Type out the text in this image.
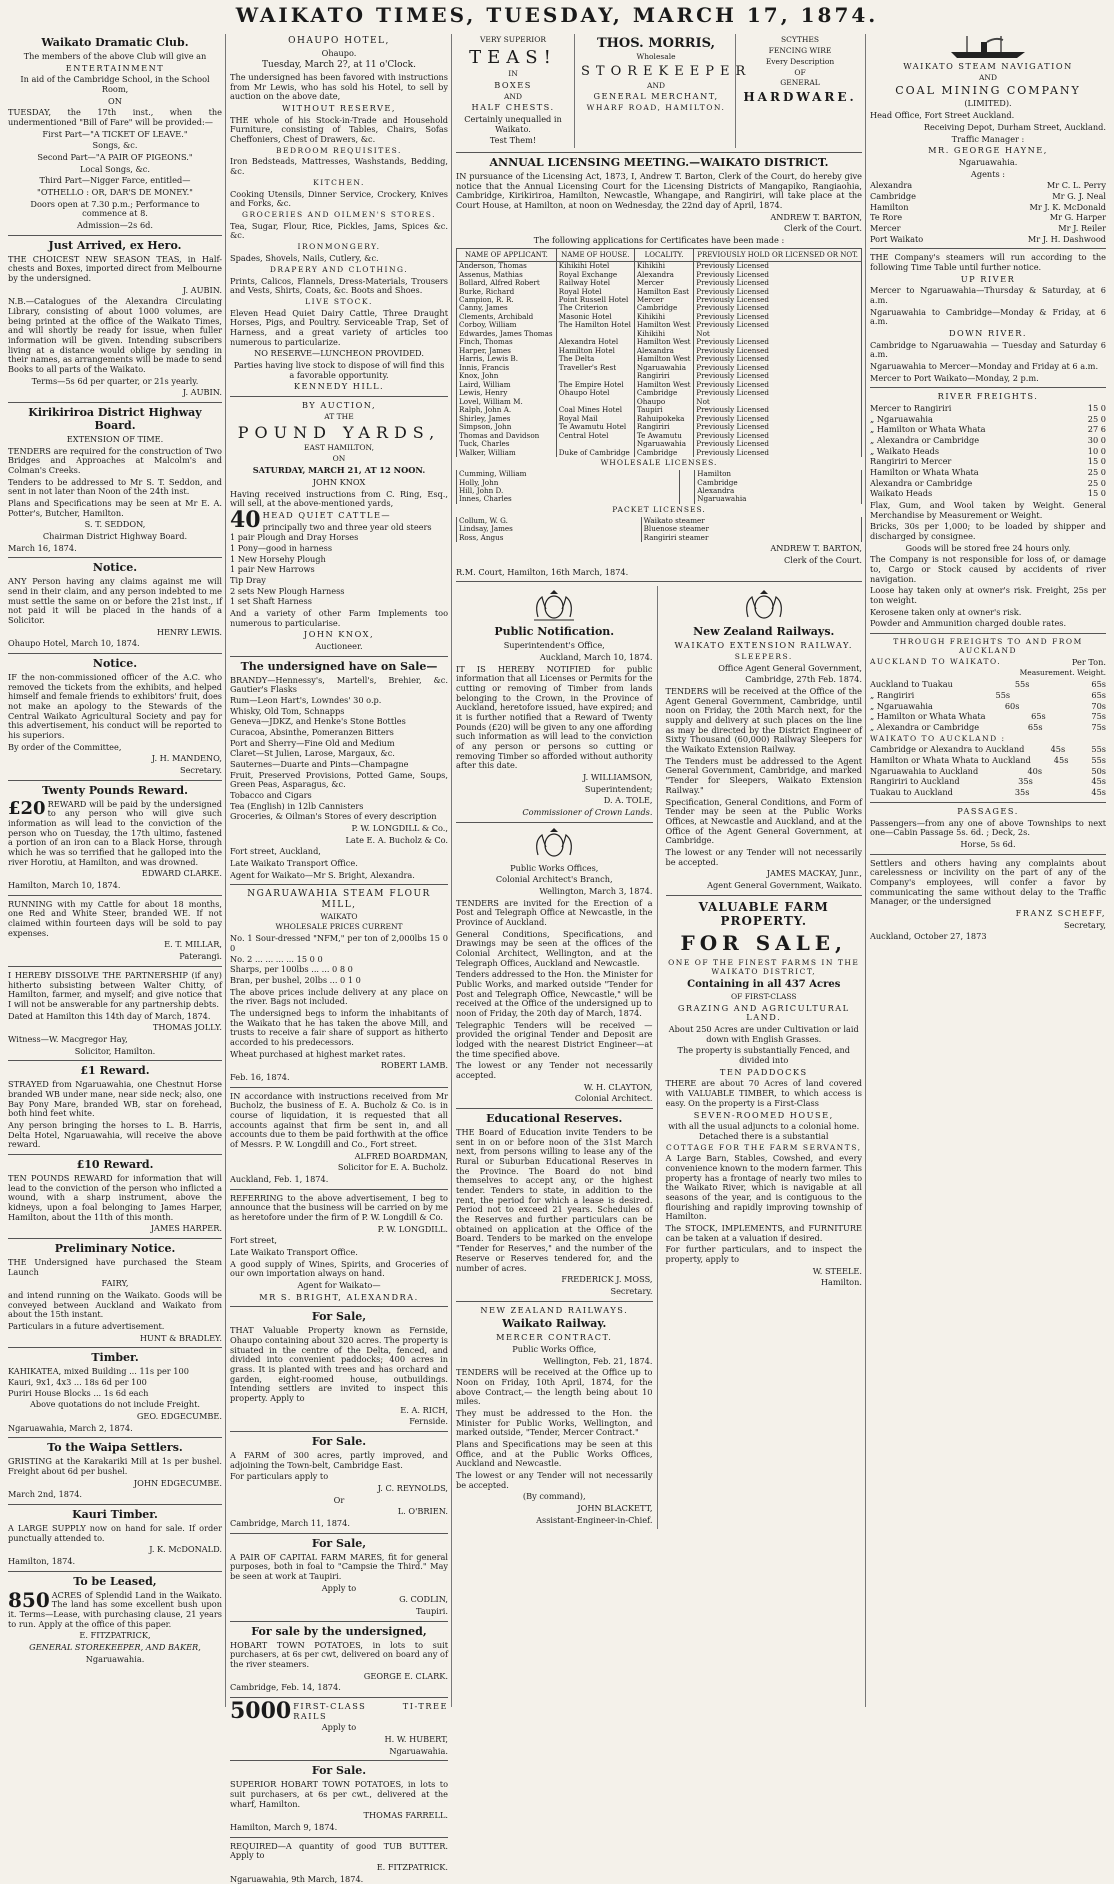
WAIKATO TIMES, TUESDAY, MARCH 17, 1874.
Waikato Dramatic Club.

The members of the above Club will give an

ENTERTAINMENT

In aid of the Cambridge School, in the School Room,

ON

TUESDAY, the 17th inst., when the undermentioned "Bill of Fare" will be provided:—

First Part—"A TICKET OF LEAVE."

Songs, &c.

Second Part—"A PAIR OF PIGEONS."

Local Songs, &c.

Third Part—Nigger Farce, entitled—

"OTHELLO : OR, DAR'S DE MONEY."

Doors open at 7.30 p.m.; Performance to commence at 8.

Admission—2s 6d.

Just Arrived, ex Hero.

THE CHOICEST NEW SEASON TEAS, in Half-chests and Boxes, imported direct from Melbourne by the undersigned.

J. AUBIN.

N.B.—Catalogues of the Alexandra Circulating Library, consisting of about 1000 volumes, are being printed at the office of the Waikato Times, and will shortly be ready for issue, when fuller information will be given. Intending subscribers living at a distance would oblige by sending in their names, as arrangements will be made to send Books to all parts of the Waikato.

Terms—5s 6d per quarter, or 21s yearly.

J. AUBIN.

Kirikiriroa District Highway Board.

EXTENSION OF TIME.

TENDERS are required for the construction of Two Bridges and Approaches at Malcolm's and Colman's Creeks.

Tenders to be addressed to Mr S. T. Seddon, and sent in not later than Noon of the 24th inst.

Plans and Specifications may be seen at Mr E. A. Potter's, Butcher, Hamilton.

S. T. SEDDON,

Chairman District Highway Board.

March 16, 1874.

Notice.

ANY Person having any claims against me will send in their claim, and any person indebted to me must settle the same on or before the 21st inst., if not paid it will be placed in the hands of a Solicitor.

HENRY LEWIS.

Ohaupo Hotel, March 10, 1874.

Notice.

IF the non-commissioned officer of the A.C. who removed the tickets from the exhibits, and helped himself and female friends to exhibitors' fruit, does not make an apology to the Stewards of the Central Waikato Agricultural Society and pay for this advertisement, his conduct will be reported to his superiors.

By order of the Committee,

J. H. MANDENO,

Secretary.

Twenty Pounds Reward.

£20 REWARD will be paid by the undersigned to any person who will give such information as will lead to the conviction of the person who on Tuesday, the 17th ultimo, fastened a portion of an iron can to a Black Horse, through which he was so terrified that he galloped into the river Horotiu, at Hamilton, and was drowned.

EDWARD CLARKE.

Hamilton, March 10, 1874.

RUNNING with my Cattle for about 18 months, one Red and White Steer, branded WE. If not claimed within fourteen days will be sold to pay expenses.

E. T. MILLAR,

Paterangi.

I HEREBY DISSOLVE THE PARTNERSHIP (if any) hitherto subsisting between Walter Chitty, of Hamilton, farmer, and myself; and give notice that I will not be answerable for any partnership debts.

Dated at Hamilton this 14th day of March, 1874.

THOMAS JOLLY.

Witness—W. Macgregor Hay,

Solicitor, Hamilton.

£1 Reward.

STRAYED from Ngaruawahia, one Chestnut Horse branded WB under mane, near side neck; also, one Bay Pony Mare, branded WB, star on forehead, both hind feet white.

Any person bringing the horses to L. B. Harris, Delta Hotel, Ngaruawahia, will receive the above reward.

£10 Reward.

TEN POUNDS REWARD for information that will lead to the conviction of the person who inflicted a wound, with a sharp instrument, above the kidneys, upon a foal belonging to James Harper, Hamilton, about the 11th of this month.

JAMES HARPER.

Preliminary Notice.

THE Undersigned have purchased the Steam Launch

FAIRY,

and intend running on the Waikato. Goods will be conveyed between Auckland and Waikato from about the 15th instant.

Particulars in a future advertisement.

HUNT & BRADLEY.

Timber.

KAHIKATEA, mixed Building ... 11s per 100

Kauri, 9x1, 4x3 ... 18s 6d per 100

Puriri House Blocks ... 1s 6d each

Above quotations do not include Freight.

GEO. EDGECUMBE.

Ngaruawahia, March 2, 1874.

To the Waipa Settlers.

GRISTING at the Karakariki Mill at 1s per bushel. Freight about 6d per bushel.

JOHN EDGECUMBE.

March 2nd, 1874.

Kauri Timber.

A LARGE SUPPLY now on hand for sale. If order punctually attended to.

J. K. McDONALD.

Hamilton, 1874.

To be Leased,

850 ACRES of Splendid Land in the Waikato. The land has some excellent bush upon it. Terms—Lease, with purchasing clause, 21 years to run. Apply at the office of this paper.

E. FITZPATRICK,

GENERAL STOREKEEPER, AND BAKER,

Ngaruawahia.

OHAUPO HOTEL,

Ohaupo.

Tuesday, March 2?, at 11 o'Clock.

The undersigned has been favored with instructions from Mr Lewis, who has sold his Hotel, to sell by auction on the above date,

WITHOUT RESERVE,

THE whole of his Stock-in-Trade and Household Furniture, consisting of Tables, Chairs, Sofas Cheffoniers, Chest of Drawers, &c.

BEDROOM REQUISITES.

Iron Bedsteads, Mattresses, Washstands, Bedding, &c.

KITCHEN.

Cooking Utensils, Dinner Service, Crockery, Knives and Forks, &c.

GROCERIES AND OILMEN'S STORES.

Tea, Sugar, Flour, Rice, Pickles, Jams, Spices &c. &c.

IRONMONGERY.

Spades, Shovels, Nails, Cutlery, &c.

DRAPERY AND CLOTHING.

Prints, Calicos, Flannels, Dress-Materials, Trousers and Vests, Shirts, Coats, &c. Boots and Shoes.

LIVE STOCK.

Eleven Head Quiet Dairy Cattle, Three Draught Horses, Pigs, and Poultry. Serviceable Trap, Set of Harness, and a great variety of articles too numerous to particularize.

NO RESERVE—LUNCHEON PROVIDED.

Parties having live stock to dispose of will find this a favorable opportunity.

KENNEDY HILL.

BY AUCTION,

AT THE

POUND YARDS,

EAST HAMILTON,

ON

SATURDAY, MARCH 21, AT 12 NOON.

JOHN KNOX

Having received instructions from C. Ring, Esq., will sell, at the above-mentioned yards,

40 HEAD QUIET CATTLE—

principally two and three year old steers

1 pair Plough and Dray Horses

1 Pony—good in harness

1 New Horsehy Plough

1 pair New Harrows

Tip Dray

2 sets New Plough Harness

1 set Shaft Harness

And a variety of other Farm Implements too numerous to particularise.

JOHN KNOX,

Auctioneer.

The undersigned have on Sale—

BRANDY—Hennessy's, Martell's, Brehier, &c. Gautier's Flasks

Rum—Leon Hart's, Lowndes' 30 o.p.

Whisky, Old Tom, Schnapps

Geneva—JDKZ, and Henke's Stone Bottles

Curacoa, Absinthe, Pomeranzen Bitters

Port and Sherry—Fine Old and Medium

Claret—St Julien, Larose, Margaux, &c.

Sauternes—Duarte and Pints—Champagne

Fruit, Preserved Provisions, Potted Game, Soups, Green Peas, Asparagus, &c.

Tobacco and Cigars

Tea (English) in 12lb Cannisters

Groceries, & Oilman's Stores of every description

P. W. LONGDILL & Co.,

Late E. A. Bucholz & Co.

Fort street, Auckland,

Late Waikato Transport Office.

Agent for Waikato—Mr S. Bright, Alexandra.

NGARUAWAHIA STEAM FLOUR MILL,

WAIKATO

WHOLESALE PRICES CURRENT

No. 1 Sour-dressed "NFM," per ton of 2,000lbs 15 0 0

No. 2 ... ... ... ... 15 0 0

Sharps, per 100lbs ... ... 0 8 0

Bran, per bushel, 20lbs ... 0 1 0

The above prices include delivery at any place on the river. Bags not included.

The undersigned begs to inform the inhabitants of the Waikato that he has taken the above Mill, and trusts to receive a fair share of support as hitherto accorded to his predecessors.

Wheat purchased at highest market rates.

ROBERT LAMB.

Feb. 16, 1874.

IN accordance with instructions received from Mr Bucholz, the business of E. A. Bucholz & Co. is in course of liquidation, it is requested that all accounts against that firm be sent in, and all accounts due to them be paid forthwith at the office of Messrs. P. W. Longdill and Co., Fort street.

ALFRED BOARDMAN,

Solicitor for E. A. Bucholz.

Auckland, Feb. 1, 1874.

REFERRING to the above advertisement, I beg to announce that the business will be carried on by me as heretofore under the firm of P. W. Longdill & Co.

P. W. LONGDILL.

Fort street,

Late Waikato Transport Office.

A good supply of Wines, Spirits, and Groceries of our own importation always on hand.

Agent for Waikato—

MR S. BRIGHT, ALEXANDRA.

For Sale,

THAT Valuable Property known as Fernside, Ohaupo containing about 320 acres. The property is situated in the centre of the Delta, fenced, and divided into convenient paddocks; 400 acres in grass. It is planted with trees and has orchard and garden, eight-roomed house, outbuildings. Intending settlers are invited to inspect this property. Apply to

E. A. RICH,

Fernside.

For Sale.

A FARM of 300 acres, partly improved, and adjoining the Town-belt, Cambridge East.

For particulars apply to

J. C. REYNOLDS,

Or

L. O'BRIEN.

Cambridge, March 11, 1874.

For Sale,

A PAIR OF CAPITAL FARM MARES, fit for general purposes, both in foal to "Campsie the Third." May be seen at work at Taupiri.

Apply to

G. CODLIN,

Taupiri.

For sale by the undersigned,

HOBART TOWN POTATOES, in lots to suit purchasers, at 6s per cwt, delivered on board any of the river steamers.

GEORGE E. CLARK.

Cambridge, Feb. 14, 1874.

5000 FIRST-CLASS TI-TREE RAILS

Apply to

H. W. HUBERT,

Ngaruawahia.

For Sale.

SUPERIOR HOBART TOWN POTATOES, in lots to suit purchasers, at 6s per cwt., delivered at the wharf, Hamilton.

THOMAS FARRELL.

Hamilton, March 9, 1874.

REQUIRED—A quantity of good TUB BUTTER. Apply to

E. FITZPATRICK.

Ngaruawahia, 9th March, 1874.

VERY SUPERIOR

TEAS!

IN

BOXES

AND

HALF CHESTS.

Certainly unequalled in Waikato.

Test Them!

THOS. MORRIS,

Wholesale

STOREKEEPER

AND

GENERAL MERCHANT,

WHARF ROAD, HAMILTON.

SCYTHES

FENCING WIRE

Every Description

OF

GENERAL

HARDWARE.
ANNUAL LICENSING MEETING.—WAIKATO DISTRICT.

IN pursuance of the Licensing Act, 1873, I, Andrew T. Barton, Clerk of the Court, do hereby give notice that the Annual Licensing Court for the Licensing Districts of Mangapiko, Rangiaohia, Cambridge, Kirikiriroa, Hamilton, Newcastle, Whangape, and Rangiriri, will take place at the Court House, at Hamilton, at noon on Wednesday, the 22nd day of April, 1874.

ANDREW T. BARTON,

Clerk of the Court.

The following applications for Certificates have been made :

NAME OF APPLICANT.	NAME OF HOUSE.	LOCALITY.	PREVIOUSLY HOLD OR LICENSED OR NOT.
Anderson, Thomas	Kihikihi Hotel	Kihikihi	Previously Licensed
Assenus, Mathias	Royal Exchange	Alexandra	Previously Licensed
Bollard, Alfred Robert	Railway Hotel	Mercer	Previously Licensed
Burke, Richard	Royal Hotel	Hamilton East	Previously Licensed
Campion, R. R.	Point Russell Hotel	Mercer	Previously Licensed
Canny, James	The Criterion	Cambridge	Previously Licensed
Clements, Archibald	Masonic Hotel	Kihikihi	Previously Licensed
Corboy, William	The Hamilton Hotel	Hamilton West	Previously Licensed
Edwardes, James Thomas		Kihikihi	Not
Finch, Thomas	Alexandra Hotel	Hamilton West	Previously Licensed
Harper, James	Hamilton Hotel	Alexandra	Previously Licensed
Harris, Lewis B.	The Delta	Hamilton West	Previously Licensed
Innis, Francis	Traveller's Rest	Ngaruawahia	Previously Licensed
Knox, John		Rangiriri	Previously Licensed
Laird, William	The Empire Hotel	Hamilton West	Previously Licensed
Lewis, Henry	Ohaupo Hotel	Cambridge	Previously Licensed
Lovel, William M.		Ohaupo	Not
Ralph, John A.	Coal Mines Hotel	Taupiri	Previously Licensed
Shirley, James	Royal Mail	Rahuipokeka	Previously Licensed
Simpson, John	Te Awamutu Hotel	Rangiriri	Previously Licensed
Thomas and Davidson	Central Hotel	Te Awamutu	Previously Licensed
Tuck, Charles		Ngaruawahia	Previously Licensed
Walker, William	Duke of Cambridge	Cambridge	Previously Licensed

WHOLESALE LICENSES.

Cumming, William		Hamilton
Holly, John		Cambridge
Hill, John D.		Alexandra
Innes, Charles		Ngaruawahia

PACKET LICENSES.

Collum, W. G.	Waikato steamer
Lindsay, James	Bluenose steamer
Ross, Angus	Rangiriri steamer

ANDREW T. BARTON,

Clerk of the Court.

R.M. Court, Hamilton, 16th March, 1874.

Public Notification.

Superintendent's Office,

Auckland, March 10, 1874.

IT IS HEREBY NOTIFIED for public information that all Licenses or Permits for the cutting or removing of Timber from lands belonging to the Crown, in the Province of Auckland, heretofore issued, have expired; and it is further notified that a Reward of Twenty Pounds (£20) will be given to any one affording such information as will lead to the conviction of any person or persons so cutting or removing Timber so afforded without authority after this date.

J. WILLIAMSON,

Superintendent;

D. A. TOLE,

Commissioner of Crown Lands.

Public Works Offices,

Colonial Architect's Branch,

Wellington, March 3, 1874.

TENDERS are invited for the Erection of a Post and Telegraph Office at Newcastle, in the Province of Auckland.

General Conditions, Specifications, and Drawings may be seen at the offices of the Colonial Architect, Wellington, and at the Telegraph Offices, Auckland and Newcastle.

Tenders addressed to the Hon. the Minister for Public Works, and marked outside "Tender for Post and Telegraph Office, Newcastle," will be received at the Office of the undersigned up to noon of Friday, the 20th day of March, 1874.

Telegraphic Tenders will be received — provided the original Tender and Deposit are lodged with the nearest District Engineer—at the time specified above.

The lowest or any Tender not necessarily accepted.

W. H. CLAYTON,

Colonial Architect.

Educational Reserves.

THE Board of Education invite Tenders to be sent in on or before noon of the 31st March next, from persons willing to lease any of the Rural or Suburban Educational Reserves in the Province. The Board do not bind themselves to accept any, or the highest tender. Tenders to state, in addition to the rent, the period for which a lease is desired. Period not to exceed 21 years. Schedules of the Reserves and further particulars can be obtained on application at the Office of the Board. Tenders to be marked on the envelope "Tender for Reserves," and the number of the Reserve or Reserves tendered for, and the number of acres.

FREDERICK J. MOSS,

Secretary.

NEW ZEALAND RAILWAYS.

Waikato Railway.

MERCER CONTRACT.

Public Works Office,

Wellington, Feb. 21, 1874.

TENDERS will be received at the Office up to Noon on Friday, 10th April, 1874, for the above Contract,— the length being about 10 miles.

They must be addressed to the Hon. the Minister for Public Works, Wellington, and marked outside, "Tender, Mercer Contract."

Plans and Specifications may be seen at this Office, and at the Public Works Offices, Auckland and Newcastle.

The lowest or any Tender will not necessarily be accepted.

(By command),

JOHN BLACKETT,

Assistant-Engineer-in-Chief.

New Zealand Railways.

WAIKATO EXTENSION RAILWAY.

SLEEPERS.

Office Agent General Government,

Cambridge, 27th Feb. 1874.

TENDERS will be received at the Office of the Agent General Government, Cambridge, until noon on Friday, the 20th March next, for the supply and delivery at such places on the line as may be directed by the District Engineer of Sixty Thousand (60,000) Railway Sleepers for the Waikato Extension Railway.

The Tenders must be addressed to the Agent General Government, Cambridge, and marked "Tender for Sleepers, Waikato Extension Railway."

Specification, General Conditions, and Form of Tender may be seen at the Public Works Offices, at Newcastle and Auckland, and at the Office of the Agent General Government, at Cambridge.

The lowest or any Tender will not necessarily be accepted.

JAMES MACKAY, Junr.,

Agent General Government, Waikato.

VALUABLE FARM PROPERTY.
FOR SALE,

ONE OF THE FINEST FARMS IN THE WAIKATO DISTRICT,

Containing in all 437 Acres

OF FIRST-CLASS

GRAZING AND AGRICULTURAL LAND.

About 250 Acres are under Cultivation or laid down with English Grasses.

The property is substantially Fenced, and divided into

TEN PADDOCKS

THERE are about 70 Acres of land covered with VALUABLE TIMBER, to which access is easy. On the property is a First-Class

SEVEN-ROOMED HOUSE,

with all the usual adjuncts to a colonial home. Detached there is a substantial

COTTAGE FOR THE FARM SERVANTS,

A Large Barn, Stables, Cowshed, and every convenience known to the modern farmer. This property has a frontage of nearly two miles to the Waikato River, which is navigable at all seasons of the year, and is contiguous to the flourishing and rapidly improving township of Hamilton.

The STOCK, IMPLEMENTS, and FURNITURE can be taken at a valuation if desired.

For further particulars, and to inspect the property, apply to

W. STEELE.

Hamilton.

WAIKATO STEAM NAVIGATION

AND

COAL MINING COMPANY

(LIMITED).

Head Office, Fort Street Auckland.

Receiving Depot, Durham Street, Auckland.

Traffic Manager :

MR. GEORGE HAYNE,

Ngaruawahia.

Agents :

Alexandra	Mr C. L. Perry
Cambridge	Mr G. J. Neal
Hamilton	Mr J. K. McDonald
Te Rore	Mr G. Harper
Mercer	Mr J. Reiler
Port Waikato	Mr J. H. Dashwood

THE Company's steamers will run according to the following Time Table until further notice.

UP RIVER

Mercer to Ngaruawahia—Thursday & Saturday, at 6 a.m.

Ngaruawahia to Cambridge—Monday & Friday, at 6 a.m.

DOWN RIVER.

Cambridge to Ngaruawahia — Tuesday and Saturday 6 a.m.

Ngaruawahia to Mercer—Monday and Friday at 6 a.m.

Mercer to Port Waikato—Monday, 2 p.m.

RIVER FREIGHTS.

Mercer to Rangiriri	15 0
„ Ngaruawahia	25 0
„ Hamilton or Whata Whata	27 6
„ Alexandra or Cambridge	30 0
„ Waikato Heads	10 0
Rangiriri to Mercer	15 0
Hamilton or Whata Whata	25 0
Alexandra or Cambridge	25 0
Waikato Heads	15 0

Flax, Gum, and Wool taken by Weight. General Merchandise by Measurement or Weight.

Bricks, 30s per 1,000; to be loaded by shipper and discharged by consignee.

Goods will be stored free 24 hours only.

The Company is not responsible for loss of, or damage to, Cargo or Stock caused by accidents of river navigation.

Loose hay taken only at owner's risk. Freight, 25s per ton weight.

Kerosene taken only at owner's risk.

Powder and Ammunition charged double rates.

THROUGH FREIGHTS TO AND FROM AUCKLAND

AUCKLAND TO WAIKATO.	Per Ton.

Measurement. Weight.

Auckland to Tuakau	55s	65s
„ Rangiriri	55s	65s
„ Ngaruawahia	60s	70s
„ Hamilton or Whata Whata	65s	75s
„ Alexandra or Cambridge	65s	75s

WAIKATO TO AUCKLAND :

Cambridge or Alexandra to Auckland	45s	55s
Hamilton or Whata Whata to Auckland	45s	55s
Ngaruawahia to Auckland	40s	50s
Rangiriri to Auckland	35s	45s
Tuakau to Auckland	35s	45s

PASSAGES.

Passengers—from any one of above Townships to next one—Cabin Passage 5s. 6d. ; Deck, 2s.

Horse, 5s 6d.

Settlers and others having any complaints about carelessness or incivility on the part of any of the Company's employees, will confer a favor by communicating the same without delay to the Traffic Manager, or the undersigned

FRANZ SCHEFF,

Secretary,

Auckland, October 27, 1873
